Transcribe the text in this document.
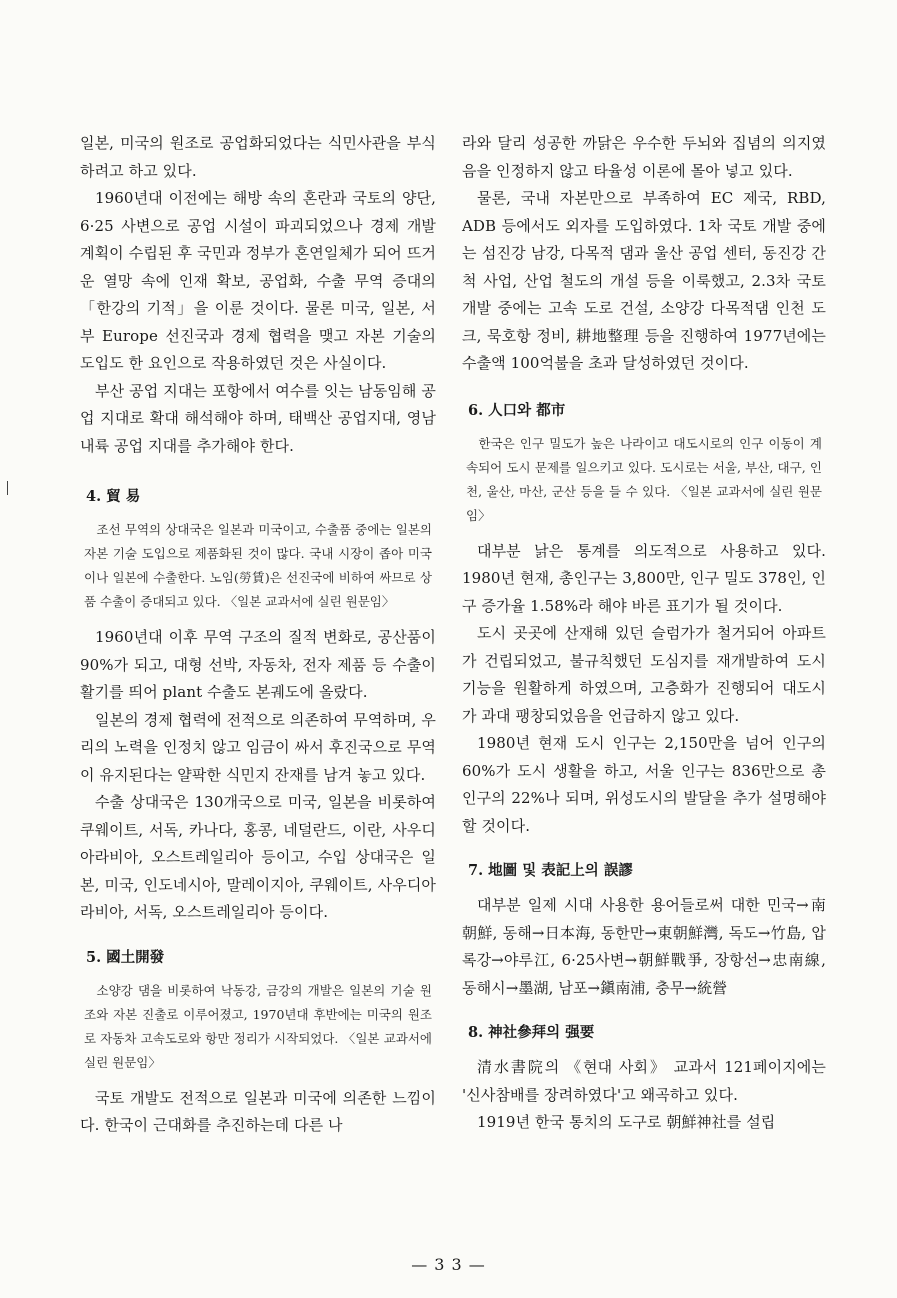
일본, 미국의 원조로 공업화되었다는 식민사관을 부식하려고 하고 있다.

1960년대 이전에는 해방 속의 혼란과 국토의 양단, 6·25 사변으로 공업 시설이 파괴되었으나 경제 개발 계획이 수립된 후 국민과 정부가 혼연일체가 되어 뜨거운 열망 속에 인재 확보, 공업화, 수출 무역 증대의 「한강의 기적」을 이룬 것이다. 물론 미국, 일본, 서부 Europe 선진국과 경제 협력을 맺고 자본 기술의 도입도 한 요인으로 작용하였던 것은 사실이다.

부산 공업 지대는 포항에서 여수를 잇는 남동임해 공업 지대로 확대 해석해야 하며, 태백산 공업지대, 영남 내륙 공업 지대를 추가해야 한다.

4. 貿 易
조선 무역의 상대국은 일본과 미국이고, 수출품 중에는 일본의 자본 기술 도입으로 제품화된 것이 많다. 국내 시장이 좁아 미국이나 일본에 수출한다. 노임(勞賃)은 선진국에 비하여 싸므로 상품 수출이 증대되고 있다. 〈일본 교과서에 실린 원문임〉

1960년대 이후 무역 구조의 질적 변화로, 공산품이 90%가 되고, 대형 선박, 자동차, 전자 제품 등 수출이 활기를 띄어 plant 수출도 본궤도에 올랐다.

일본의 경제 협력에 전적으로 의존하여 무역하며, 우리의 노력을 인정치 않고 임금이 싸서 후진국으로 무역이 유지된다는 얄팍한 식민지 잔재를 남겨 놓고 있다.

수출 상대국은 130개국으로 미국, 일본을 비롯하여 쿠웨이트, 서독, 카나다, 홍콩, 네덜란드, 이란, 사우디아라비아, 오스트레일리아 등이고, 수입 상대국은 일본, 미국, 인도네시아, 말레이지아, 쿠웨이트, 사우디아라비아, 서독, 오스트레일리아 등이다.

5. 國土開發
소양강 댐을 비롯하여 낙동강, 금강의 개발은 일본의 기술 원조와 자본 진출로 이루어졌고, 1970년대 후반에는 미국의 원조로 자동차 고속도로와 항만 정리가 시작되었다. 〈일본 교과서에 실린 원문임〉

국토 개발도 전적으로 일본과 미국에 의존한 느낌이다. 한국이 근대화를 추진하는데 다른 나

라와 달리 성공한 까닭은 우수한 두뇌와 집념의 의지였음을 인정하지 않고 타율성 이론에 몰아 넣고 있다.

물론, 국내 자본만으로 부족하여 EC 제국, RBD, ADB 등에서도 외자를 도입하였다. 1차 국토 개발 중에는 섬진강 남강, 다목적 댐과 울산 공업 센터, 동진강 간척 사업, 산업 철도의 개설 등을 이룩했고, 2.3차 국토 개발 중에는 고속 도로 건설, 소양강 다목적댐 인천 도크, 묵호항 정비, 耕地整理 등을 진행하여 1977년에는 수출액 100억불을 초과 달성하였던 것이다.

6. 人口와 都市
한국은 인구 밀도가 높은 나라이고 대도시로의 인구 이동이 계속되어 도시 문제를 일으키고 있다. 도시로는 서울, 부산, 대구, 인천, 울산, 마산, 군산 등을 들 수 있다. 〈일본 교과서에 실린 원문임〉

대부분 낡은 통계를 의도적으로 사용하고 있다. 1980년 현재, 총인구는 3,800만, 인구 밀도 378인, 인구 증가율 1.58%라 해야 바른 표기가 될 것이다.

도시 곳곳에 산재해 있던 슬럼가가 철거되어 아파트가 건립되었고, 불규칙했던 도심지를 재개발하여 도시 기능을 원활하게 하였으며, 고층화가 진행되어 대도시가 과대 팽창되었음을 언급하지 않고 있다.

1980년 현재 도시 인구는 2,150만을 넘어 인구의 60%가 도시 생활을 하고, 서울 인구는 836만으로 총 인구의 22%나 되며, 위성도시의 발달을 추가 설명해야 할 것이다.

7. 地圖 및 表記上의 誤謬

대부분 일제 시대 사용한 용어들로써 대한 민국→南朝鮮, 동해→日本海, 동한만→東朝鮮灣, 독도→竹島, 압록강→야루江, 6·25사변→朝鮮戰爭, 장항선→忠南線, 동해시→墨湖, 남포→鎭南浦, 충무→統營

8. 神社參拜의 强要

清水書院의 《현대 사회》 교과서 121페이지에는 '신사참배를 장려하였다'고 왜곡하고 있다.

1919년 한국 통치의 도구로 朝鮮神社를 설립

— 3 3 —
